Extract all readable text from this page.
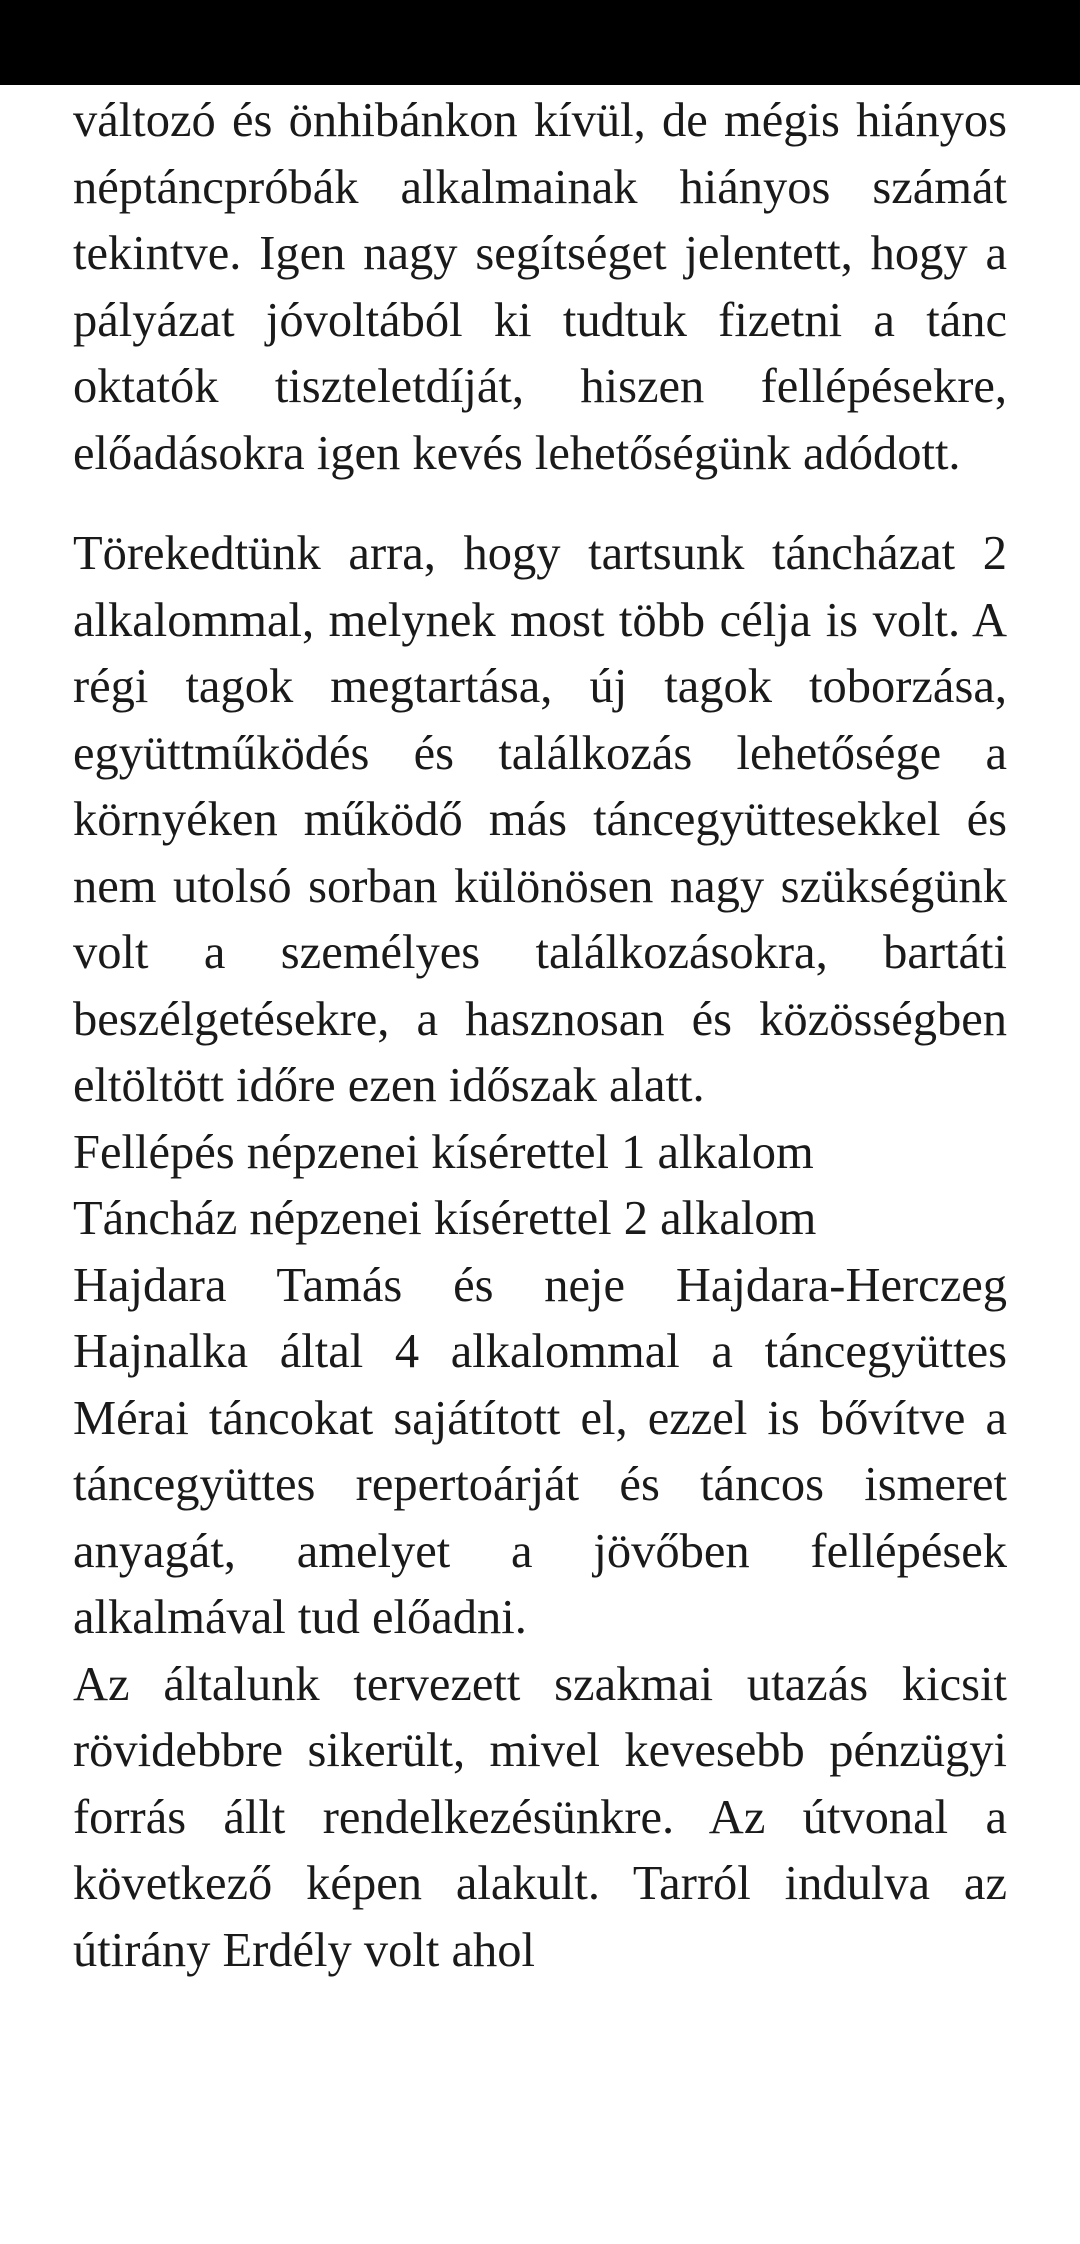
változó és önhibánkon kívül, de mégis hiányos néptáncpróbák alkalmainak hiányos számát tekintve. Igen nagy segítséget jelentett, hogy a pályázat jóvoltából ki tudtuk fizetni a tánc oktatók tiszteletdíját, hiszen fellépésekre, előadásokra igen kevés lehetőségünk adódott.

Törekedtünk arra, hogy tartsunk táncházat 2 alkalommal, melynek most több célja is volt. A régi tagok megtartása, új tagok toborzása, együttműködés és találkozás lehetősége a környéken működő más táncegyüttesekkel és nem utolsó sorban különösen nagy szükségünk volt a személyes találkozásokra, bartáti beszélgetésekre, a hasznosan és közösségben eltöltött időre ezen időszak alatt.

Fellépés népzenei kísérettel 1 alkalom

Táncház népzenei kísérettel 2 alkalom

Hajdara Tamás és neje Hajdara-Herczeg Hajnalka által 4 alkalommal a táncegyüttes Mérai táncokat sajátított el, ezzel is bővítve a táncegyüttes repertoárját és táncos ismeret anyagát, amelyet a jövőben fellépések alkalmával tud előadni.

Az általunk tervezett szakmai utazás kicsit rövidebbre sikerült, mivel kevesebb pénzügyi forrás állt rendelkezésünkre. Az útvonal a következő képen alakult. Tarról indulva az útirány Erdély volt ahol
